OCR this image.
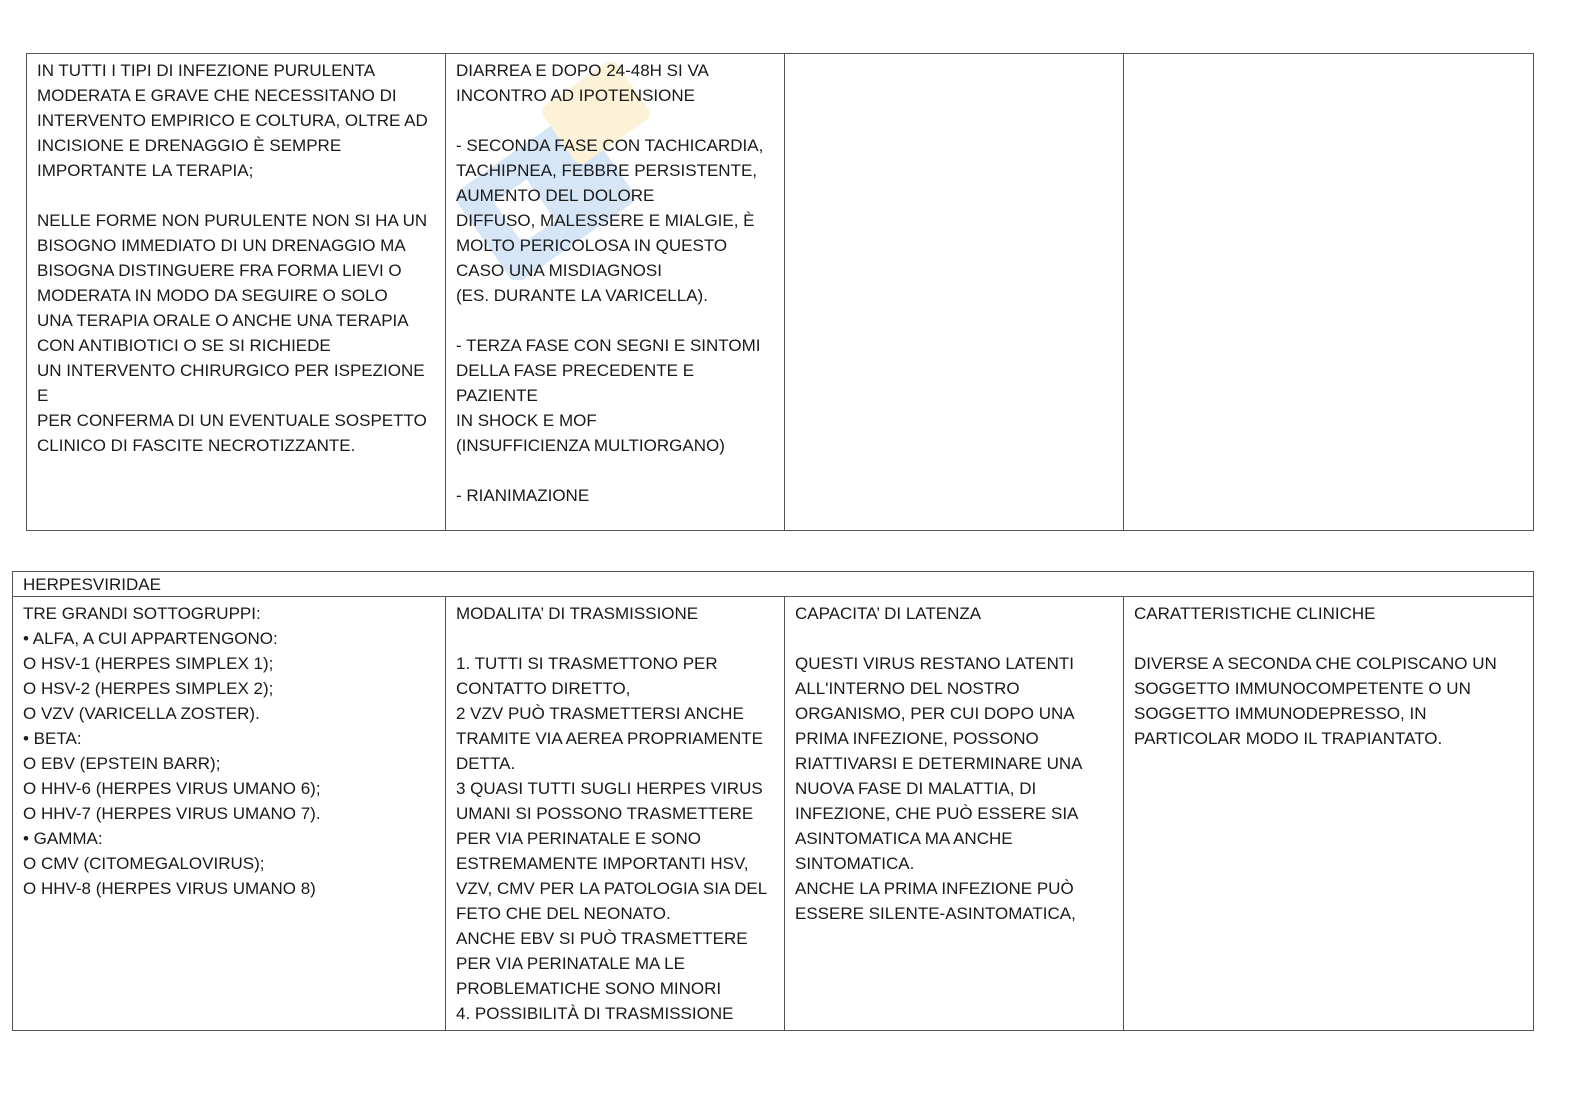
IN TUTTI I TIPI DI INFEZIONE PURULENTA
MODERATA E GRAVE CHE NECESSITANO DI
INTERVENTO EMPIRICO E COLTURA, OLTRE AD
INCISIONE E DRENAGGIO È SEMPRE
IMPORTANTE LA TERAPIA;

NELLE FORME NON PURULENTE NON SI HA UN
BISOGNO IMMEDIATO DI UN DRENAGGIO MA
BISOGNA DISTINGUERE FRA FORMA LIEVI O
MODERATA IN MODO DA SEGUIRE O SOLO
UNA TERAPIA ORALE O ANCHE UNA TERAPIA
CON ANTIBIOTICI O SE SI RICHIEDE
UN INTERVENTO CHIRURGICO PER ISPEZIONE E
PER CONFERMA DI UN EVENTUALE SOSPETTO
CLINICO DI FASCITE NECROTIZZANTE.	DIARREA E DOPO 24-48H SI VA
INCONTRO AD IPOTENSIONE

- SECONDA FASE CON TACHICARDIA,
TACHIPNEA, FEBBRE PERSISTENTE,
AUMENTO DEL DOLORE
DIFFUSO, MALESSERE E MIALGIE, È
MOLTO PERICOLOSA IN QUESTO
CASO UNA MISDIAGNOSI
(ES. DURANTE LA VARICELLA).

- TERZA FASE CON SEGNI E SINTOMI
DELLA FASE PRECEDENTE E PAZIENTE
IN SHOCK E MOF
(INSUFFICIENZA MULTIORGANO)

- RIANIMAZIONE		
HERPESVIRIDAE
TRE GRANDI SOTTOGRUPPI:
• ALFA, A CUI APPARTENGONO:
O HSV-1 (HERPES SIMPLEX 1);
O HSV-2 (HERPES SIMPLEX 2);
O VZV (VARICELLA ZOSTER).
• BETA:
O EBV (EPSTEIN BARR);
O HHV-6 (HERPES VIRUS UMANO 6);
O HHV-7 (HERPES VIRUS UMANO 7).
• GAMMA:
O CMV (CITOMEGALOVIRUS);
O HHV-8 (HERPES VIRUS UMANO 8)	MODALITA’ DI TRASMISSIONE

1. TUTTI SI TRASMETTONO PER
CONTATTO DIRETTO,
2 VZV PUÒ TRASMETTERSI ANCHE
TRAMITE VIA AEREA PROPRIAMENTE
DETTA.
3 QUASI TUTTI SUGLI HERPES VIRUS
UMANI SI POSSONO TRASMETTERE
PER VIA PERINATALE E SONO
ESTREMAMENTE IMPORTANTI HSV,
VZV, CMV PER LA PATOLOGIA SIA DEL
FETO CHE DEL NEONATO.
ANCHE EBV SI PUÒ TRASMETTERE
PER VIA PERINATALE MA LE
PROBLEMATICHE SONO MINORI
4. POSSIBILITÀ DI TRASMISSIONE	CAPACITA’ DI LATENZA

QUESTI VIRUS RESTANO LATENTI
ALL'INTERNO DEL NOSTRO
ORGANISMO, PER CUI DOPO UNA
PRIMA INFEZIONE, POSSONO
RIATTIVARSI E DETERMINARE UNA
NUOVA FASE DI MALATTIA, DI
INFEZIONE, CHE PUÒ ESSERE SIA
ASINTOMATICA MA ANCHE
SINTOMATICA.
ANCHE LA PRIMA INFEZIONE PUÒ
ESSERE SILENTE-ASINTOMATICA,	CARATTERISTICHE CLINICHE

DIVERSE A SECONDA CHE COLPISCANO UN
SOGGETTO IMMUNOCOMPETENTE O UN
SOGGETTO IMMUNODEPRESSO, IN
PARTICOLAR MODO IL TRAPIANTATO.
